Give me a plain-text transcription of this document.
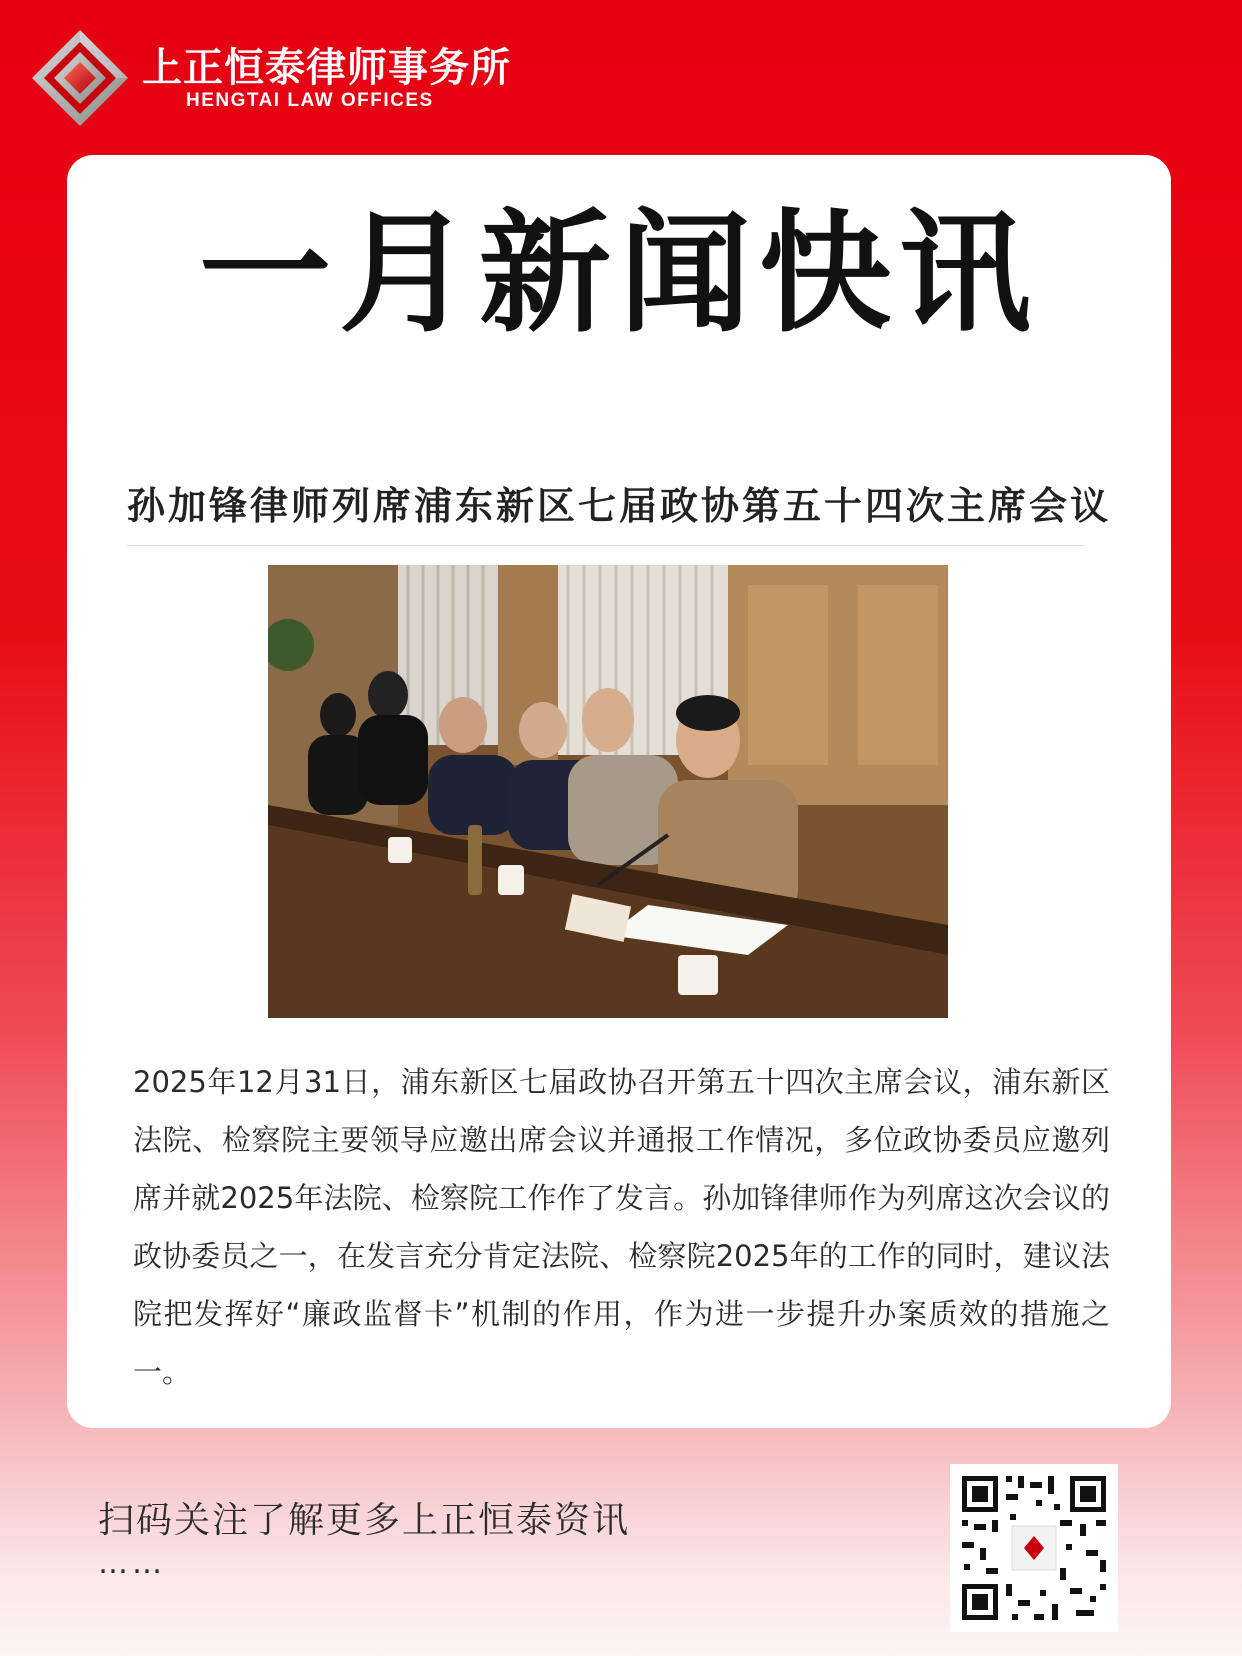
上正恒泰律师事务所
HENGTAI LAW OFFICES
一月新闻快讯
孙加锋律师列席浦东新区七届政协第五十四次主席会议
2025年12月31日，浦东新区七届政协召开第五十四次主席会议，浦东新区法院、检察院主要领导应邀出席会议并通报工作情况，多位政协委员应邀列席并就2025年法院、检察院工作作了发言。孙加锋律师作为列席这次会议的政协委员之一，在发言充分肯定法院、检察院2025年的工作的同时，建议法院把发挥好“廉政监督卡”机制的作用，作为进一步提升办案质效的措施之一。
扫码关注了解更多上正恒泰资讯
……
